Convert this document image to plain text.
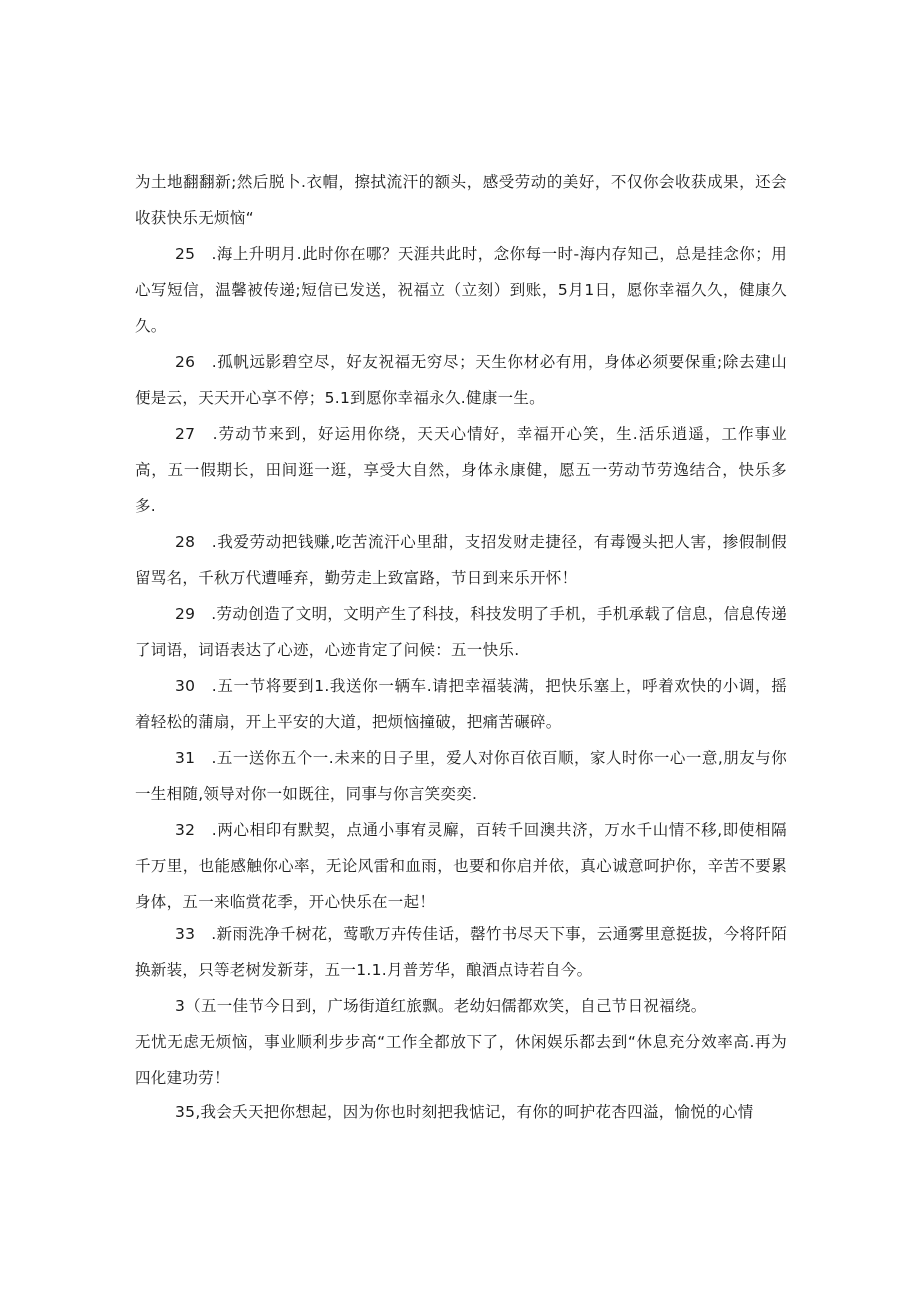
为土地翻翻新;然后脱卜.衣帽，擦拭流汗的额头，感受劳动的美好，不仅你会收获成果，还会收获快乐无烦恼“
25　.海上升明月.此时你在哪？天涯共此时，念你每一时-海内存知己，总是挂念你；用心写短信，温馨被传递;短信已发送，祝福立（立刻）到账，5月1日，愿你幸福久久，健康久久。
26　.孤帆远影碧空尽，好友祝福无穷尽；天生你材必有用，身体必须要保重;除去建山便是云，天天开心享不停；5.1到愿你幸福永久.健康一生。
27　.劳动节来到，好运用你绕，天天心情好，幸福开心笑，生.活乐逍遥，工作事业高，五一假期长，田间逛一逛，享受大自然，身体永康健，愿五一劳动节劳逸结合，快乐多多.
28　.我爱劳动把钱赚,吃苦流汗心里甜，支招发财走捷径，有毒馒头把人害，掺假制假留骂名，千秋万代遭唾弃，勤劳走上致富路，节日到来乐开怀！
29　.劳动创造了文明，文明产生了科技，科技发明了手机，手机承载了信息，信息传递了词语，词语表达了心迹，心迹肯定了问候：五一快乐.
30　.五一节将要到1.我送你一辆车.请把幸福装满，把快乐塞上，呼着欢快的小调，摇着轻松的蒲扇，开上平安的大道，把烦恼撞破，把痛苦碾碎。
31　.五一送你五个一.未来的日子里，爱人对你百依百顺，家人时你一心一意,朋友与你一生相随,领导对你一如既往，同事与你言笑奕奕.
32　.两心相印有默契，点通小事宥灵廨，百转千回澳共济，万水千山情不移,即使相隔千万里，也能感触你心率，无论风雷和血雨，也要和你启并依，真心诚意呵护你，辛苦不要累身体，五一来临赏花季，开心快乐在一起！
33　.新雨洗净千树花，莺歌万卉传佳话，罄竹书尽天下事，云通雾里意挺拔，今将阡陌换新装，只等老树发新芽，五一1.1.月普芳华，酿酒点诗若自今。
3（五一佳节今日到，广场街道红旅飘。老幼妇儒都欢笑，自己节日祝福绕。
无忧无虑无烦恼，事业顺利步步高“工作全都放下了，休闲娱乐都去到“休息充分效率高.再为四化建功劳！
35,我会夭天把你想起，因为你也时刻把我惦记，有你的呵护花杏四溢，愉悦的心情
